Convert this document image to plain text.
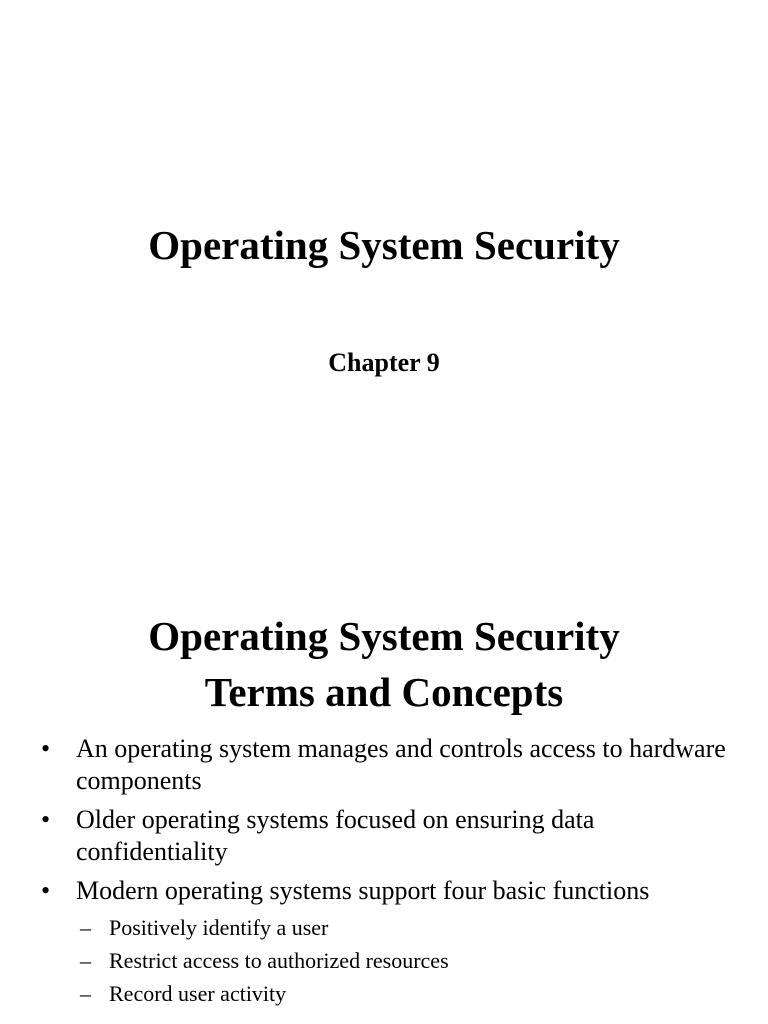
Operating System Security
Chapter 9
Operating System Security
Terms and Concepts
• An operating system manages and controls access to hardware components
• Older operating systems focused on ensuring data confidentiality
• Modern operating systems support four basic functions
– Positively identify a user
– Restrict access to authorized resources
– Record user activity
